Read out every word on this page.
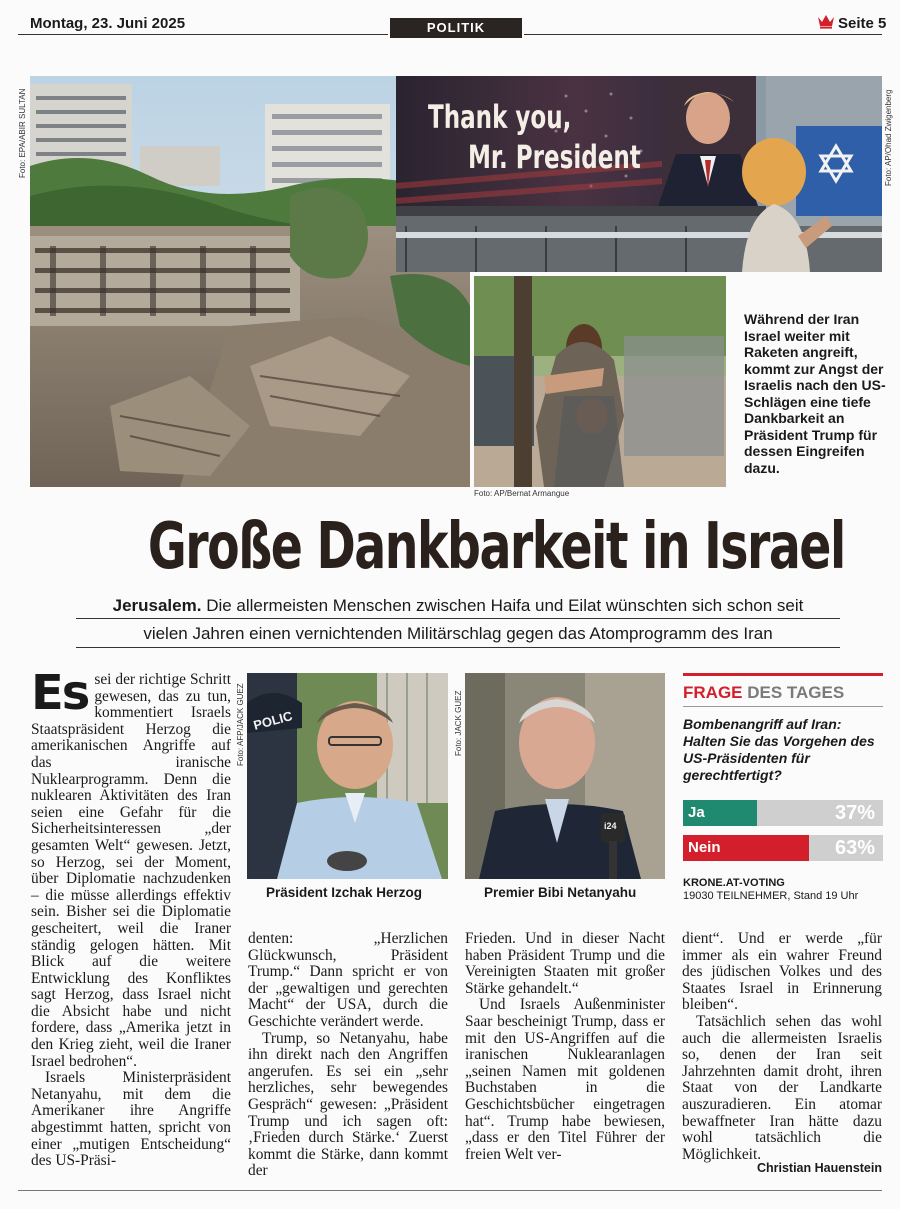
Montag, 23. Juni 2025	POLITIK	Seite 5
Foto: EPA/ABIR SULTAN	Thank you,
Mr. President	Foto: AP/Ohad Zwigenberg
Foto: AP/Bernat Armangue
Während der Iran Israel weiter mit Raketen angreift, kommt zur Angst der Israelis nach den US-Schlägen eine tiefe Dankbarkeit an Präsident Trump für dessen Eingreifen dazu.
Große Dankbarkeit in Israel
Jerusalem. Die allermeisten Menschen zwischen Haifa und Eilat wünschten sich schon seit
vielen Jahren einen vernichtenden Militärschlag gegen das Atomprogramm des Iran

Es sei der richtige Schritt gewesen, das zu tun, kommentiert Israels Staatspräsident Herzog die amerikanischen Angriffe auf das iranische Nuklearprogramm. Denn die nuklearen Aktivitäten des Iran seien eine Gefahr für die Sicherheitsinteressen „der gesamten Welt“ gewesen. Jetzt, so Herzog, sei der Moment, über Diplomatie nachzudenken – die müsse allerdings effektiv sein. Bisher sei die Diplomatie gescheitert, weil die Iraner ständig gelogen hätten. Mit Blick auf die weitere Entwicklung des Konfliktes sagt Herzog, dass Israel nicht die Absicht habe und nicht fordere, dass „Amerika jetzt in den Krieg zieht, weil die Iraner Israel bedrohen“.

Israels Ministerpräsident Netanyahu, mit dem die Amerikaner ihre Angriffe abgestimmt hatten, spricht von einer „mutigen Entscheidung“ des US-Präsi-

Foto: AFP/JACK GUEZ POLIC
Präsident Izchak Herzog
Foto: JACK GUEZ
i24
Premier Bibi Netanyahu

denten: „Herzlichen Glückwunsch, Präsident Trump.“ Dann spricht er von der „gewaltigen und gerechten Macht“ der USA, durch die Geschichte verändert werde.

Trump, so Netanyahu, habe ihn direkt nach den Angriffen angerufen. Es sei ein „sehr herzliches, sehr bewegendes Gespräch“ gewesen: „Präsident Trump und ich sagen oft: ‚Frieden durch Stärke.‘ Zuerst kommt die Stärke, dann kommt der

Frieden. Und in dieser Nacht haben Präsident Trump und die Vereinigten Staaten mit großer Stärke gehandelt.“

Und Israels Außenminister Saar bescheinigt Trump, dass er mit den US-Angriffen auf die iranischen Nuklearanlagen „seinen Namen mit goldenen Buchstaben in die Geschichtsbücher eingetragen hat“. Trump habe bewiesen, „dass er den Titel Führer der freien Welt ver-

dient“. Und er werde „für immer als ein wahrer Freund des jüdischen Volkes und des Staates Israel in Erinnerung bleiben“.

Tatsächlich sehen das wohl auch die allermeisten Israelis so, denen der Iran seit Jahrzehnten damit droht, ihren Staat von der Landkarte auszuradieren. Ein atomar bewaffneter Iran hätte dazu wohl tatsächlich die Möglichkeit.

Christian Hauenstein
FRAGE DES TAGES
Bombenangriff auf Iran: Halten Sie das Vorgehen des US-Präsidenten für gerechtfertigt?
Ja	37%
Nein	63%
KRONE.AT-VOTING
19030 TEILNEHMER, Stand 19 Uhr
